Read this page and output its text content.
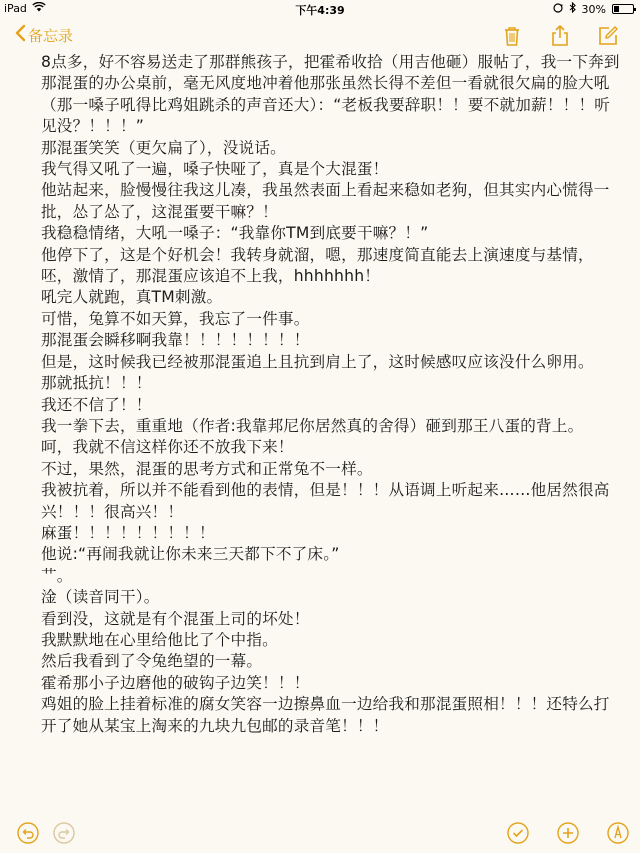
iPad	下午4:39	30%
备忘录

8点多，好不容易送走了那群熊孩子，把霍希收拾（用吉他砸）服帖了，我一下奔到那混蛋的办公桌前，毫无风度地冲着他那张虽然长得不差但一看就很欠扁的脸大吼（那一嗓子吼得比鸡姐跳杀的声音还大）：“老板我要辞职！！要不就加薪！！！听见没？！！！”

那混蛋笑笑（更欠扁了），没说话。

我气得又吼了一遍，嗓子快哑了，真是个大混蛋！

他站起来，脸慢慢往我这儿凑，我虽然表面上看起来稳如老狗，但其实内心慌得一批，怂了怂了，这混蛋要干嘛？！

我稳稳情绪，大吼一嗓子：“我靠你TM到底要干嘛？！”

他停下了，这是个好机会！我转身就溜，嗯，那速度简直能去上演速度与基情，呸，激情了，那混蛋应该追不上我，hhhhhhh！

吼完人就跑，真TM刺激。

可惜，兔算不如天算，我忘了一件事。

那混蛋会瞬移啊我靠！！！！！！！！

但是，这时候我已经被那混蛋追上且抗到肩上了，这时候感叹应该没什么卵用。

那就抵抗！！！

我还不信了！！

我一拳下去，重重地（作者:我靠邦尼你居然真的舍得）砸到那王八蛋的背上。

呵，我就不信这样你还不放我下来！

不过，果然，混蛋的思考方式和正常兔不一样。

我被抗着，所以并不能看到他的表情，但是！！！从语调上听起来……他居然很高兴！！！很高兴！！

麻蛋！！！！！！！！！

他说:“再闹我就让你未来三天都下不了床。”

艹。

淦（读音同干）。

看到没，这就是有个混蛋上司的坏处！

我默默地在心里给他比了个中指。

然后我看到了令兔绝望的一幕。

霍希那小子边磨他的破钩子边笑！！！

鸡姐的脸上挂着标准的腐女笑容一边擦鼻血一边给我和那混蛋照相！！！还特么打开了她从某宝上淘来的九块九包邮的录音笔！！！
